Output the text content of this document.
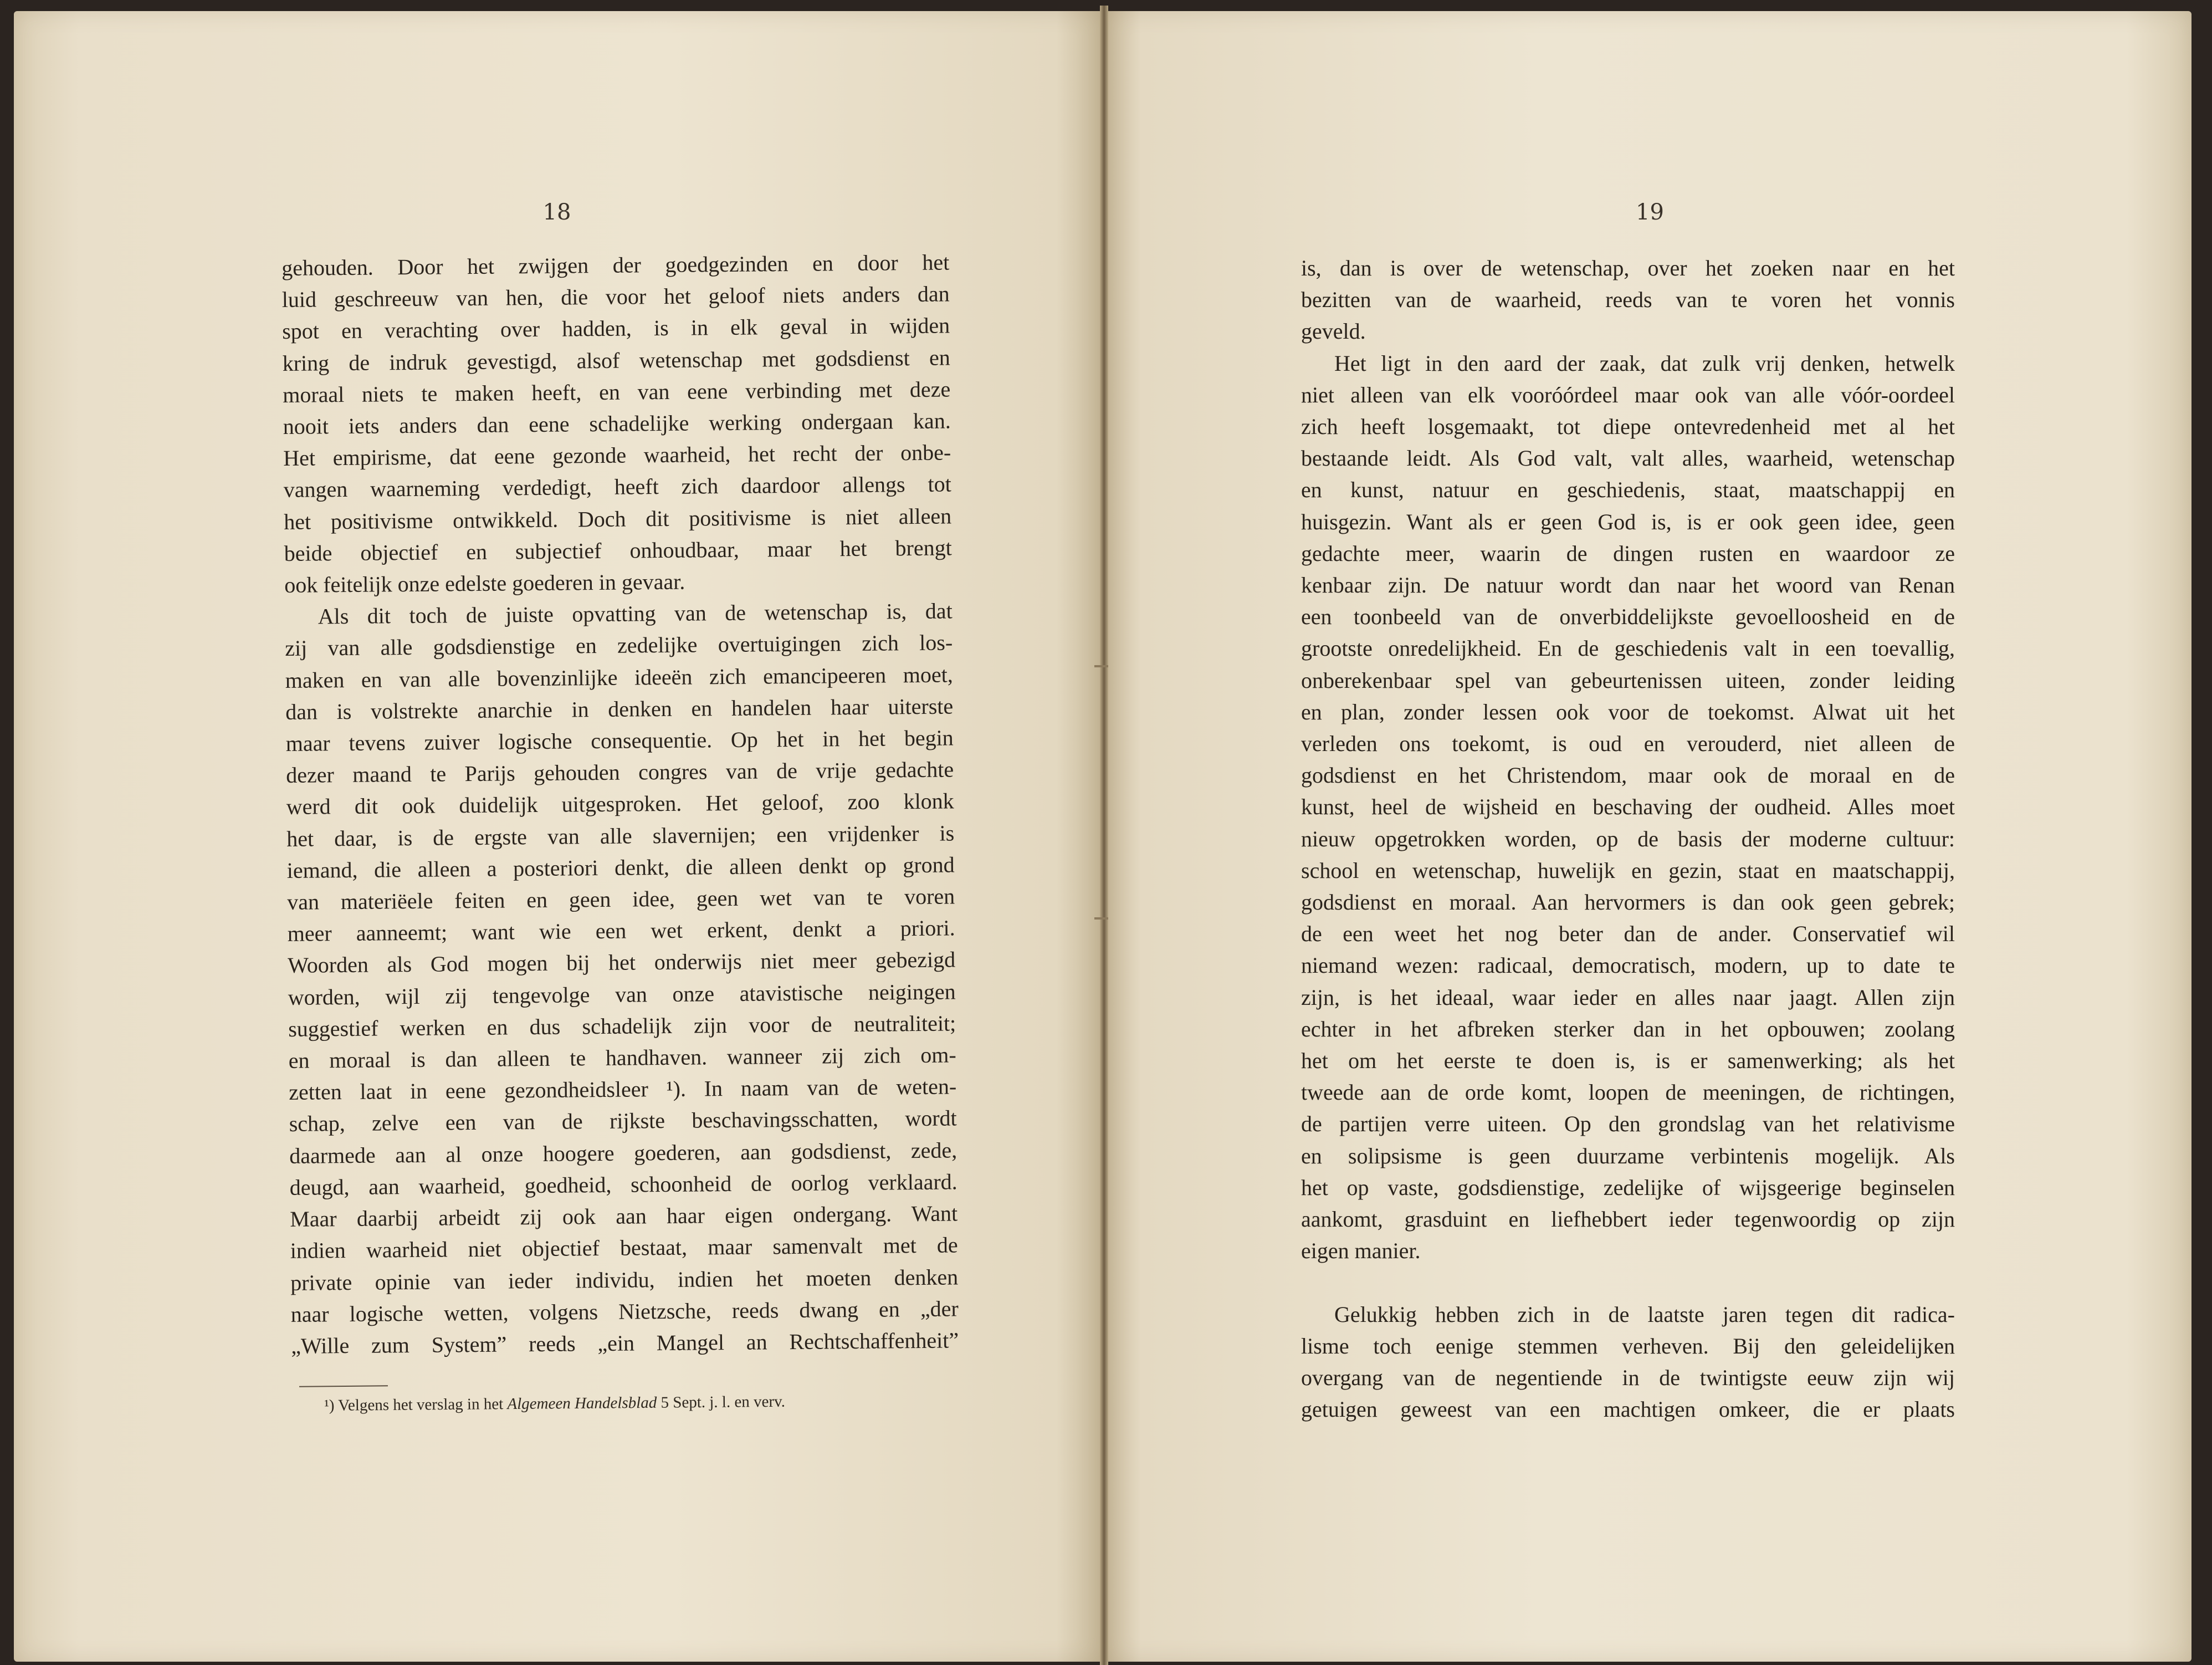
18
gehouden. Door het zwijgen der goedgezinden en door het
luid geschreeuw van hen, die voor het geloof niets anders dan
spot en verachting over hadden, is in elk geval in wijden
kring de indruk gevestigd, alsof wetenschap met godsdienst en
moraal niets te maken heeft, en van eene verbinding met deze
nooit iets anders dan eene schadelijke werking ondergaan kan.
Het empirisme, dat eene gezonde waarheid, het recht der onbe-
vangen waarneming verdedigt, heeft zich daardoor allengs tot
het positivisme ontwikkeld. Doch dit positivisme is niet alleen
beide objectief en subjectief onhoudbaar, maar het brengt
ook feitelijk onze edelste goederen in gevaar.
Als dit toch de juiste opvatting van de wetenschap is, dat
zij van alle godsdienstige en zedelijke overtuigingen zich los-
maken en van alle bovenzinlijke ideeën zich emancipeeren moet,
dan is volstrekte anarchie in denken en handelen haar uiterste
maar tevens zuiver logische consequentie. Op het in het begin
dezer maand te Parijs gehouden congres van de vrije gedachte
werd dit ook duidelijk uitgesproken. Het geloof, zoo klonk
het daar, is de ergste van alle slavernijen; een vrijdenker is
iemand, die alleen a posteriori denkt, die alleen denkt op grond
van materiëele feiten en geen idee, geen wet van te voren
meer aanneemt; want wie een wet erkent, denkt a priori.
Woorden als God mogen bij het onderwijs niet meer gebezigd
worden, wijl zij tengevolge van onze atavistische neigingen
suggestief werken en dus schadelijk zijn voor de neutraliteit;
en moraal is dan alleen te handhaven. wanneer zij zich om-
zetten laat in eene gezondheidsleer ¹). In naam van de weten-
schap, zelve een van de rijkste beschavingsschatten, wordt
daarmede aan al onze hoogere goederen, aan godsdienst, zede,
deugd, aan waarheid, goedheid, schoonheid de oorlog verklaard.
Maar daarbij arbeidt zij ook aan haar eigen ondergang. Want
indien waarheid niet objectief bestaat, maar samenvalt met de
private opinie van ieder individu, indien het moeten denken
naar logische wetten, volgens Nietzsche, reeds dwang en „der
„Wille zum System” reeds „ein Mangel an Rechtschaffenheit”
¹) Velgens het verslag in het Algemeen Handelsblad 5 Sept. j. l. en verv.
19
is, dan is over de wetenschap, over het zoeken naar en het
bezitten van de waarheid, reeds van te voren het vonnis
geveld.
Het ligt in den aard der zaak, dat zulk vrij denken, hetwelk
niet alleen van elk vooróórdeel maar ook van alle vóór-oordeel
zich heeft losgemaakt, tot diepe ontevredenheid met al het
bestaande leidt. Als God valt, valt alles, waarheid, wetenschap
en kunst, natuur en geschiedenis, staat, maatschappij en
huisgezin. Want als er geen God is, is er ook geen idee, geen
gedachte meer, waarin de dingen rusten en waardoor ze
kenbaar zijn. De natuur wordt dan naar het woord van Renan
een toonbeeld van de onverbiddelijkste gevoelloosheid en de
grootste onredelijkheid. En de geschiedenis valt in een toevallig,
onberekenbaar spel van gebeurtenissen uiteen, zonder leiding
en plan, zonder lessen ook voor de toekomst. Alwat uit het
verleden ons toekomt, is oud en verouderd, niet alleen de
godsdienst en het Christendom, maar ook de moraal en de
kunst, heel de wijsheid en beschaving der oudheid. Alles moet
nieuw opgetrokken worden, op de basis der moderne cultuur:
school en wetenschap, huwelijk en gezin, staat en maatschappij,
godsdienst en moraal. Aan hervormers is dan ook geen gebrek;
de een weet het nog beter dan de ander. Conservatief wil
niemand wezen: radicaal, democratisch, modern, up to date te
zijn, is het ideaal, waar ieder en alles naar jaagt. Allen zijn
echter in het afbreken sterker dan in het opbouwen; zoolang
het om het eerste te doen is, is er samenwerking; als het
tweede aan de orde komt, loopen de meeningen, de richtingen,
de partijen verre uiteen. Op den grondslag van het relativisme
en solipsisme is geen duurzame verbintenis mogelijk. Als
het op vaste, godsdienstige, zedelijke of wijsgeerige beginselen
aankomt, grasduint en liefhebbert ieder tegenwoordig op zijn
eigen manier.
Gelukkig hebben zich in de laatste jaren tegen dit radica-
lisme toch eenige stemmen verheven. Bij den geleidelijken
overgang van de negentiende in de twintigste eeuw zijn wij
getuigen geweest van een machtigen omkeer, die er plaats
